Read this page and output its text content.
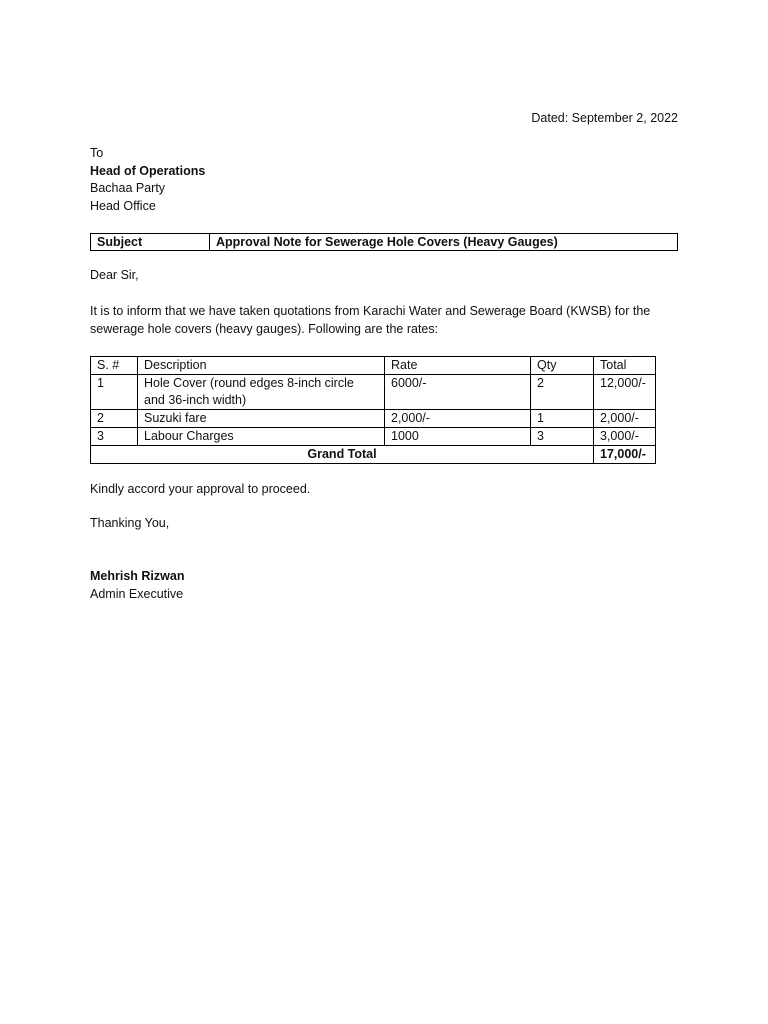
Dated: September 2, 2022
To
Head of Operations
Bachaa Party
Head Office
Subject	Approval Note for Sewerage Hole Covers (Heavy Gauges)
Dear Sir,
It is to inform that we have taken quotations from Karachi Water and Sewerage Board (KWSB) for the sewerage hole covers (heavy gauges). Following are the rates:
S. #	Description	Rate	Qty	Total
1	Hole Cover (round edges 8-inch circle and 36-inch width)	6000/-	2	12,000/-
2	Suzuki fare	2,000/-	1	2,000/-
3	Labour Charges	1000	3	3,000/-
Grand Total				17,000/-
Kindly accord your approval to proceed.
Thanking You,
Mehrish Rizwan
Admin Executive
